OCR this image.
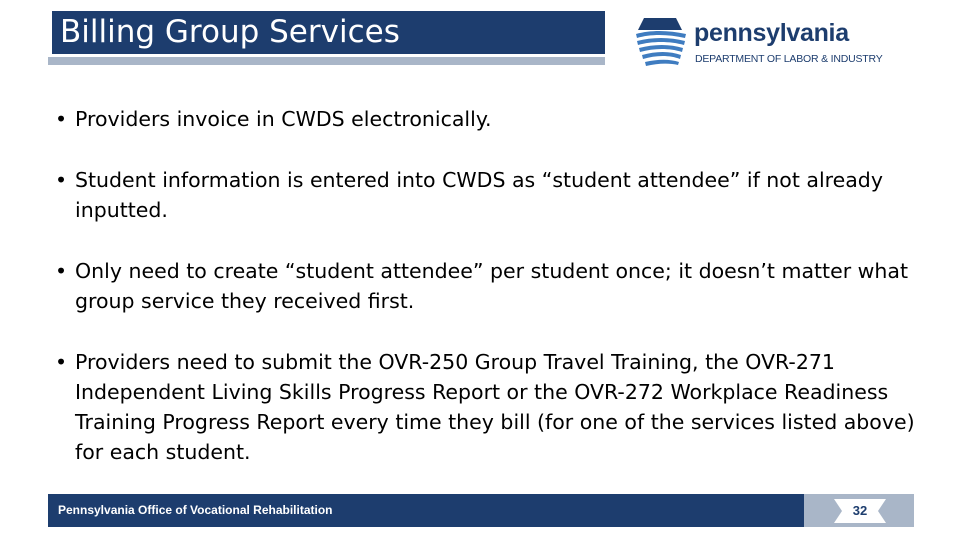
Billing Group Services	pennsylvania
DEPARTMENT OF LABOR & INDUSTRY
• Providers invoice in CWDS electronically.
• Student information is entered into CWDS as “student attendee” if not already inputted.
• Only need to create “student attendee” per student once; it doesn’t matter what group service they received first.
• Providers need to submit the OVR-250 Group Travel Training, the OVR-271 Independent Living Skills Progress Report or the OVR-272 Workplace Readiness Training Progress Report every time they bill (for one of the services listed above) for each student.
Pennsylvania Office of Vocational Rehabilitation	32
